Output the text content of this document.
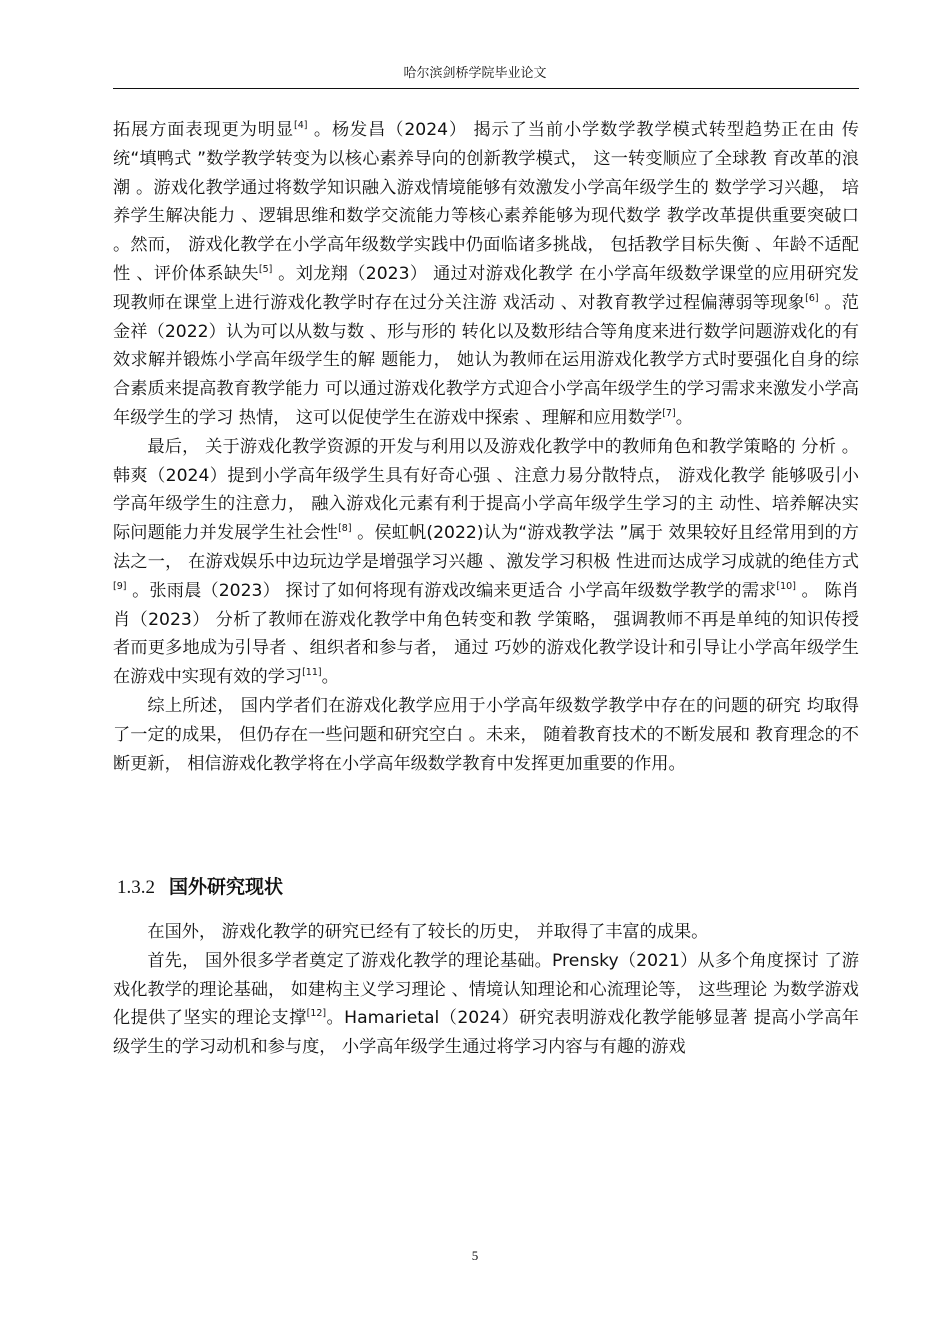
哈尔滨剑桥学院毕业论文

拓展方面表现更为明显[4] 。杨发昌（2024） 揭示了当前小学数学教学模式转型趋势正在由 传统“填鸭式 ”数学教学转变为以核心素养导向的创新教学模式， 这一转变顺应了全球教 育改革的浪潮 。游戏化教学通过将数学知识融入游戏情境能够有效激发小学高年级学生的 数学学习兴趣， 培养学生解决能力 、逻辑思维和数学交流能力等核心素养能够为现代数学 教学改革提供重要突破口 。然而， 游戏化教学在小学高年级数学实践中仍面临诸多挑战， 包括教学目标失衡 、年龄不适配性 、评价体系缺失[5] 。刘龙翔（2023） 通过对游戏化教学 在小学高年级数学课堂的应用研究发现教师在课堂上进行游戏化教学时存在过分关注游 戏活动 、对教育教学过程偏薄弱等现象[6] 。范金祥（2022）认为可以从数与数 、形与形的 转化以及数形结合等角度来进行数学问题游戏化的有效求解并锻炼小学高年级学生的解 题能力， 她认为教师在运用游戏化教学方式时要强化自身的综合素质来提高教育教学能力 可以通过游戏化教学方式迎合小学高年级学生的学习需求来激发小学高年级学生的学习 热情， 这可以促使学生在游戏中探索 、理解和应用数学[7]。

最后， 关于游戏化教学资源的开发与利用以及游戏化教学中的教师角色和教学策略的 分析 。韩爽（2024）提到小学高年级学生具有好奇心强 、注意力易分散特点， 游戏化教学 能够吸引小学高年级学生的注意力， 融入游戏化元素有利于提高小学高年级学生学习的主 动性、培养解决实际问题能力并发展学生社会性[8] 。侯虹帆(2022)认为“游戏教学法 ”属于 效果较好且经常用到的方法之一， 在游戏娱乐中边玩边学是增强学习兴趣 、激发学习积极 性进而达成学习成就的绝佳方式[9] 。张雨晨（2023） 探讨了如何将现有游戏改编来更适合 小学高年级数学教学的需求[10] 。 陈肖肖（2023） 分析了教师在游戏化教学中角色转变和教 学策略， 强调教师不再是单纯的知识传授者而更多地成为引导者 、组织者和参与者， 通过 巧妙的游戏化教学设计和引导让小学高年级学生在游戏中实现有效的学习[11]。

综上所述， 国内学者们在游戏化教学应用于小学高年级数学教学中存在的问题的研究 均取得了一定的成果， 但仍存在一些问题和研究空白 。未来， 随着教育技术的不断发展和 教育理念的不断更新， 相信游戏化教学将在小学高年级数学教育中发挥更加重要的作用。

1.3.2 国外研究现状

在国外， 游戏化教学的研究已经有了较长的历史， 并取得了丰富的成果。

首先， 国外很多学者奠定了游戏化教学的理论基础。Prensky（2021）从多个角度探讨 了游戏化教学的理论基础， 如建构主义学习理论 、情境认知理论和心流理论等， 这些理论 为数学游戏化提供了坚实的理论支撑[12]。Hamarietal（2024）研究表明游戏化教学能够显著 提高小学高年级学生的学习动机和参与度， 小学高年级学生通过将学习内容与有趣的游戏

5
